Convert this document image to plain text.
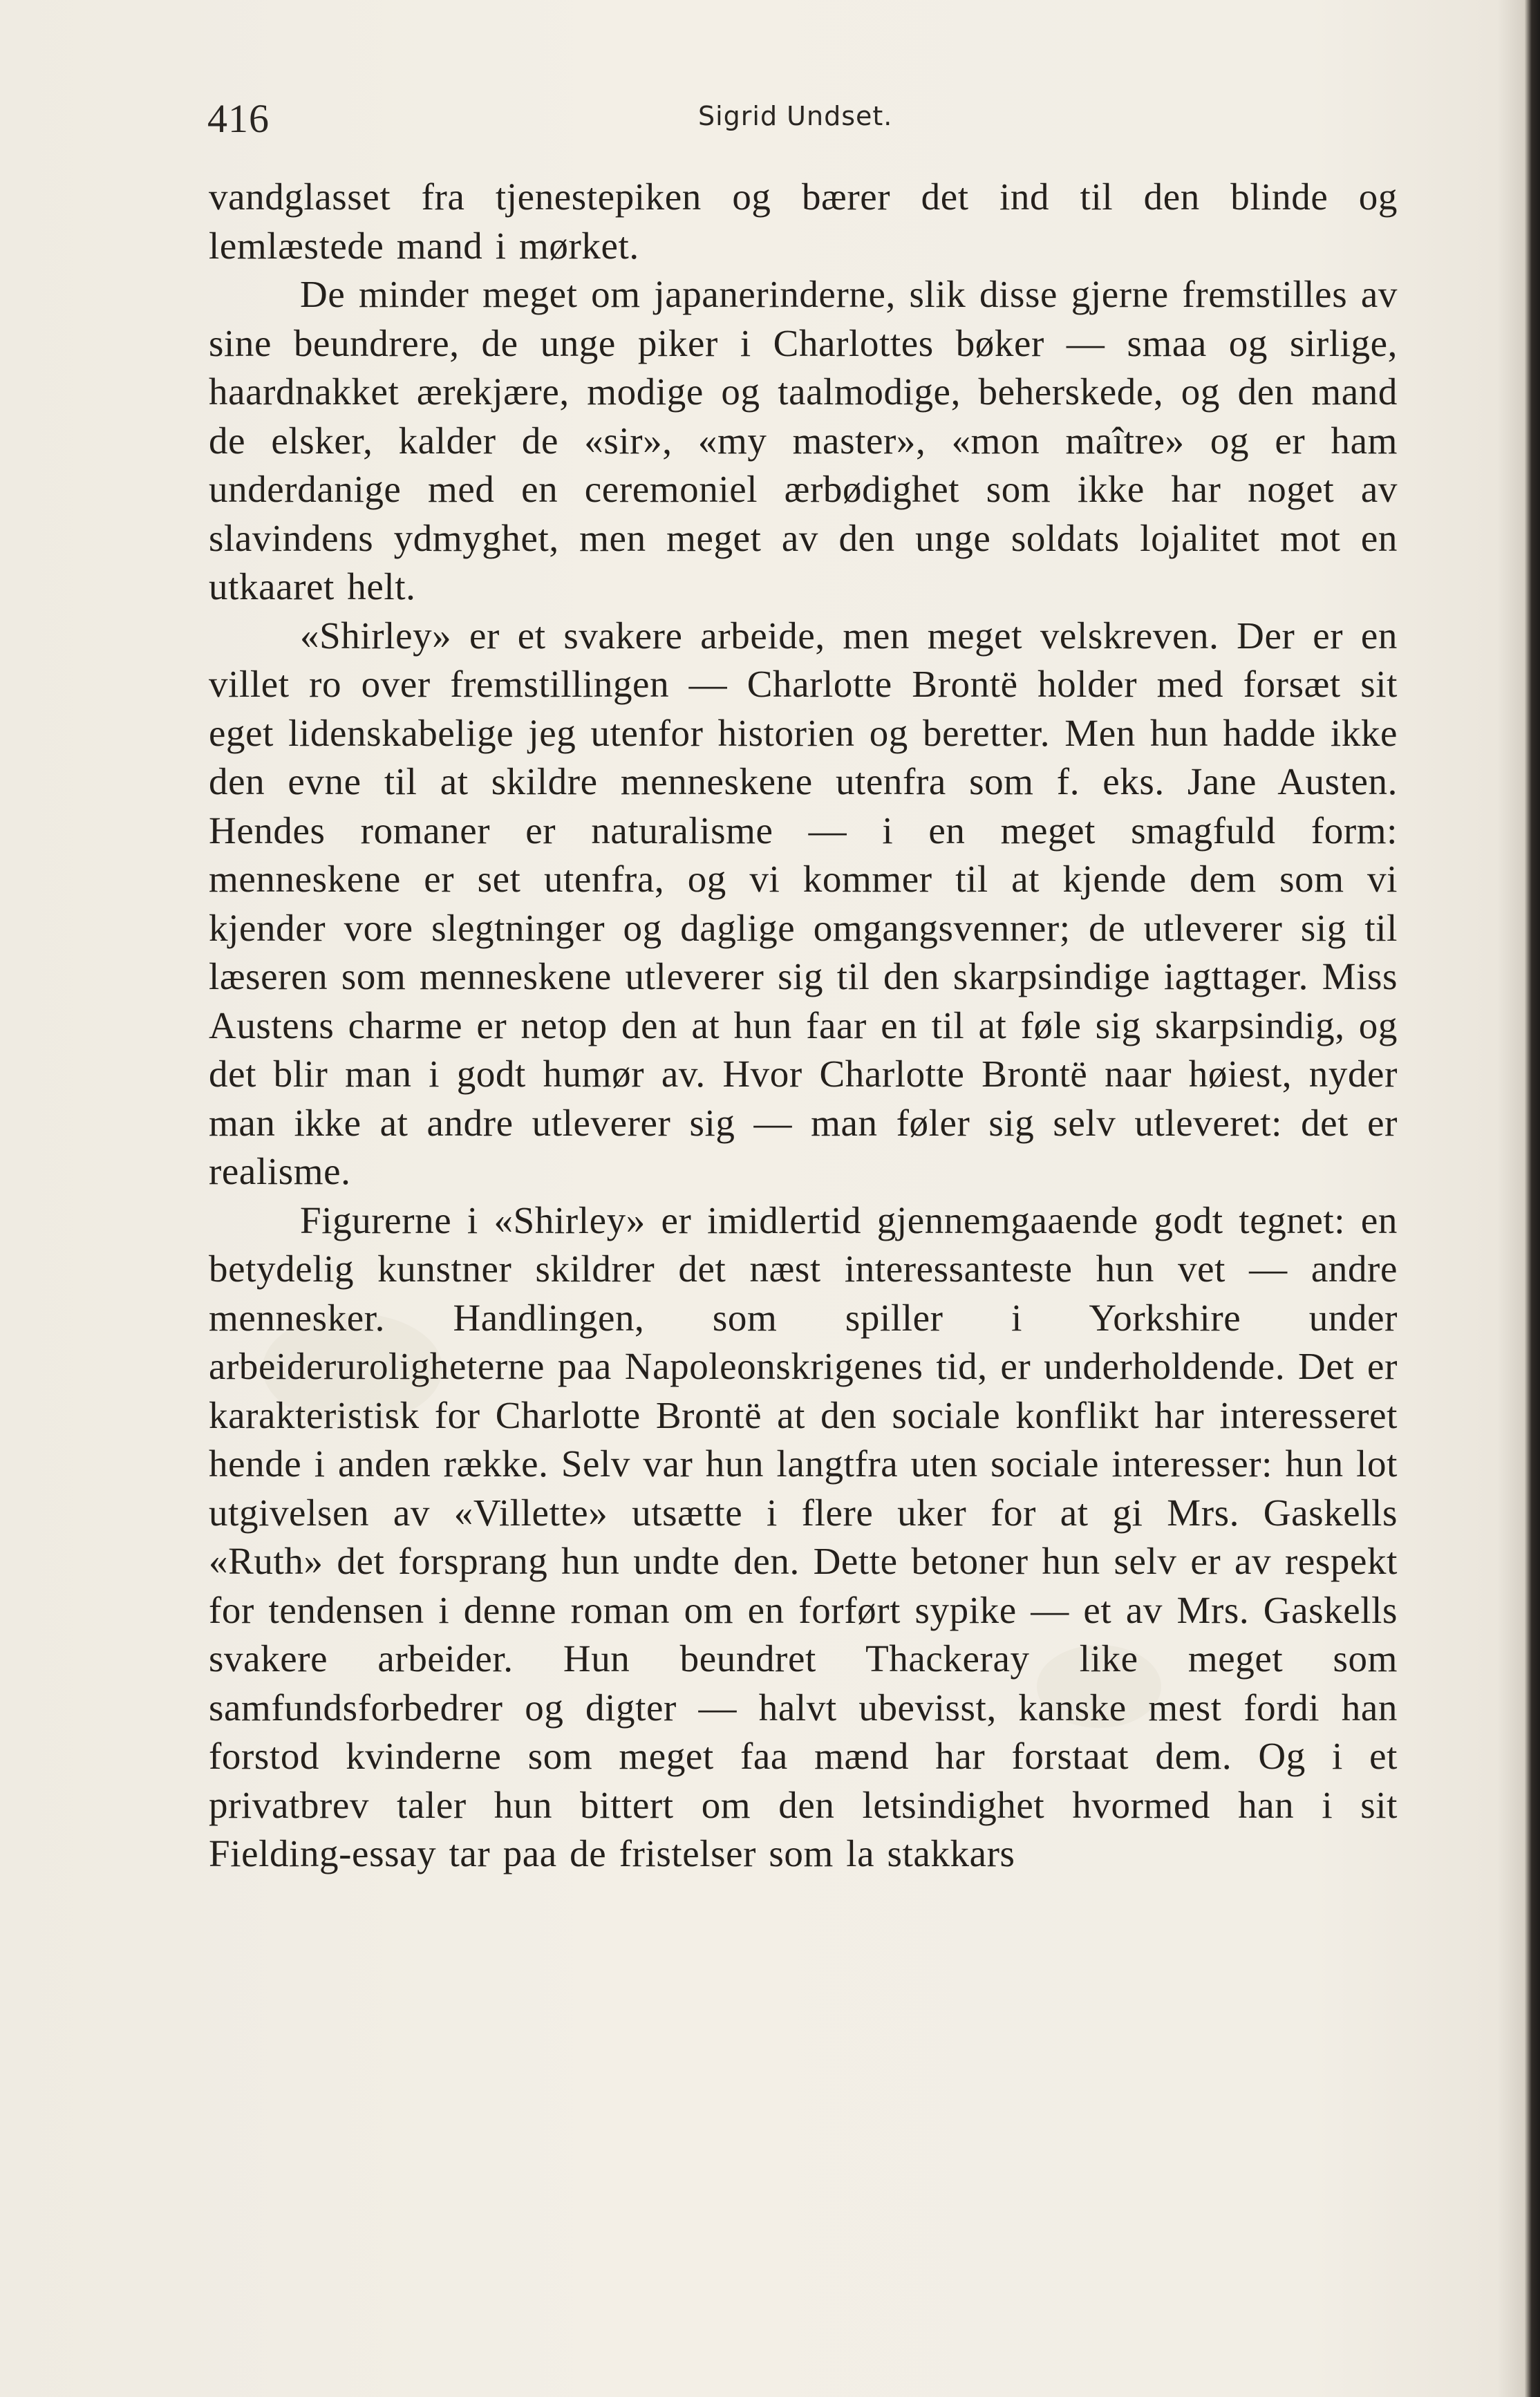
416	Sigrid Undset.

vandglasset fra tjenestepiken og bærer det ind til den blinde og lemlæstede mand i mørket.

De minder meget om japanerinderne, slik disse gjerne fremstilles av sine beundrere, de unge piker i Charlottes bøker — smaa og sirlige, haardnakket ærekjære, modige og taalmodige, beherskede, og den mand de elsker, kalder de «sir», «my master», «mon maître» og er ham underdanige med en ceremoniel ærbødighet som ikke har noget av slavindens ydmyghet, men meget av den unge soldats lojalitet mot en utkaaret helt.

«Shirley» er et svakere arbeide, men meget velskreven. Der er en villet ro over fremstillingen — Charlotte Brontë holder med forsæt sit eget lidenskabelige jeg utenfor historien og beretter. Men hun hadde ikke den evne til at skildre menneskene utenfra som f. eks. Jane Austen. Hendes romaner er naturalisme — i en meget smagfuld form: menneskene er set utenfra, og vi kommer til at kjende dem som vi kjender vore slegtninger og daglige omgangsvenner; de utleverer sig til læseren som menneskene utleverer sig til den skarpsindige iagttager. Miss Austens charme er netop den at hun faar en til at føle sig skarpsindig, og det blir man i godt humør av. Hvor Charlotte Brontë naar høiest, nyder man ikke at andre utleverer sig — man føler sig selv utleveret: det er realisme.

Figurerne i «Shirley» er imidlertid gjennemgaaende godt tegnet: en betydelig kunstner skildrer det næst interessanteste hun vet — andre mennesker. Handlingen, som spiller i Yorkshire under arbeideruroligheterne paa Napoleonskrigenes tid, er underholdende. Det er karakteristisk for Charlotte Brontë at den sociale konflikt har interesseret hende i anden række. Selv var hun langtfra uten sociale interesser: hun lot utgivelsen av «Villette» utsætte i flere uker for at gi Mrs. Gaskells «Ruth» det forsprang hun undte den. Dette betoner hun selv er av respekt for tendensen i denne roman om en forført sypike — et av Mrs. Gaskells svakere arbeider. Hun beundret Thackeray like meget som samfundsforbedrer og digter — halvt ubevisst, kanske mest fordi han forstod kvinderne som meget faa mænd har forstaat dem. Og i et privatbrev taler hun bittert om den letsindighet hvormed han i sit Fielding-essay tar paa de fristelser som la stakkars
